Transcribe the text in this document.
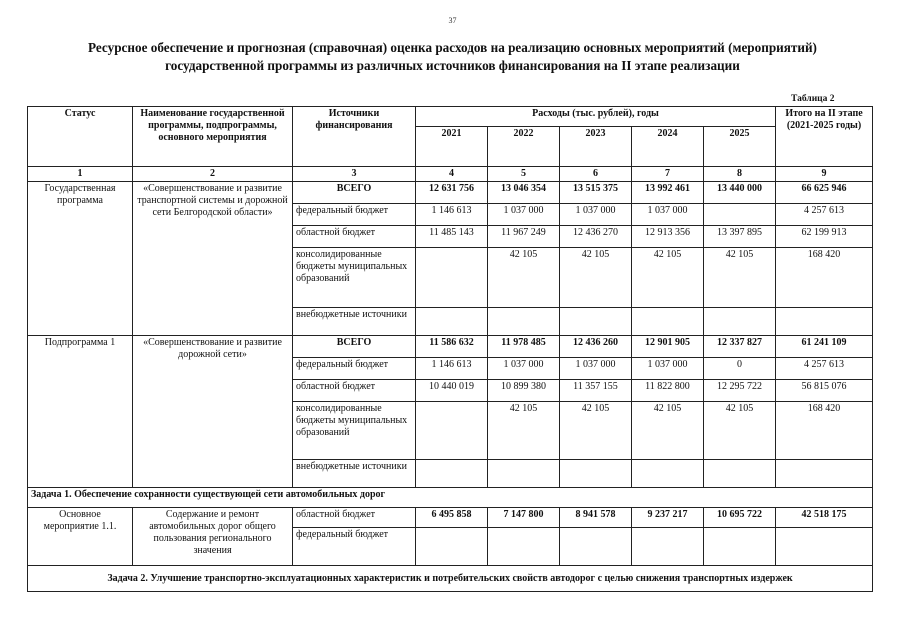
37
Ресурсное обеспечение и прогнозная (справочная) оценка расходов на реализацию основных мероприятий (мероприятий)
государственной программы из различных источников финансирования на II этапе реализации
Таблица 2
Статус	Наименование государственной программы, подпрограммы, основного мероприятия	Источники финансирования	Расходы (тыс. рублей), годы					Итого на II этапе (2021-2025 годы)
			2021	2022	2023	2024	2025	
1	2	3	4	5	6	7	8	9
Государственная программа	«Совершенствование и развитие транспортной системы и дорожной сети Белгородской области»	ВСЕГО	12 631 756	13 046 354	13 515 375	13 992 461	13 440 000	66 625 946
		федеральный бюджет	1 146 613	1 037 000	1 037 000	1 037 000		4 257 613
		областной бюджет	11 485 143	11 967 249	12 436 270	12 913 356	13 397 895	62 199 913
		консолидированные бюджеты муниципальных образований		42 105	42 105	42 105	42 105	168 420
		внебюджетные источники						
Подпрограмма 1	«Совершенствование и развитие дорожной сети»	ВСЕГО	11 586 632	11 978 485	12 436 260	12 901 905	12 337 827	61 241 109
		федеральный бюджет	1 146 613	1 037 000	1 037 000	1 037 000	0	4 257 613
		областной бюджет	10 440 019	10 899 380	11 357 155	11 822 800	12 295 722	56 815 076
		консолидированные бюджеты муниципальных образований		42 105	42 105	42 105	42 105	168 420
		внебюджетные источники						
Задача 1. Обеспечение сохранности существующей сети автомобильных дорог								
Основное мероприятие 1.1.	Содержание и ремонт автомобильных дорог общего пользования регионального значения	областной бюджет	6 495 858	7 147 800	8 941 578	9 237 217	10 695 722	42 518 175
		федеральный бюджет						
Задача 2. Улучшение транспортно-эксплуатационных характеристик и потребительских свойств автодорог с целью снижения транспортных издержек								
